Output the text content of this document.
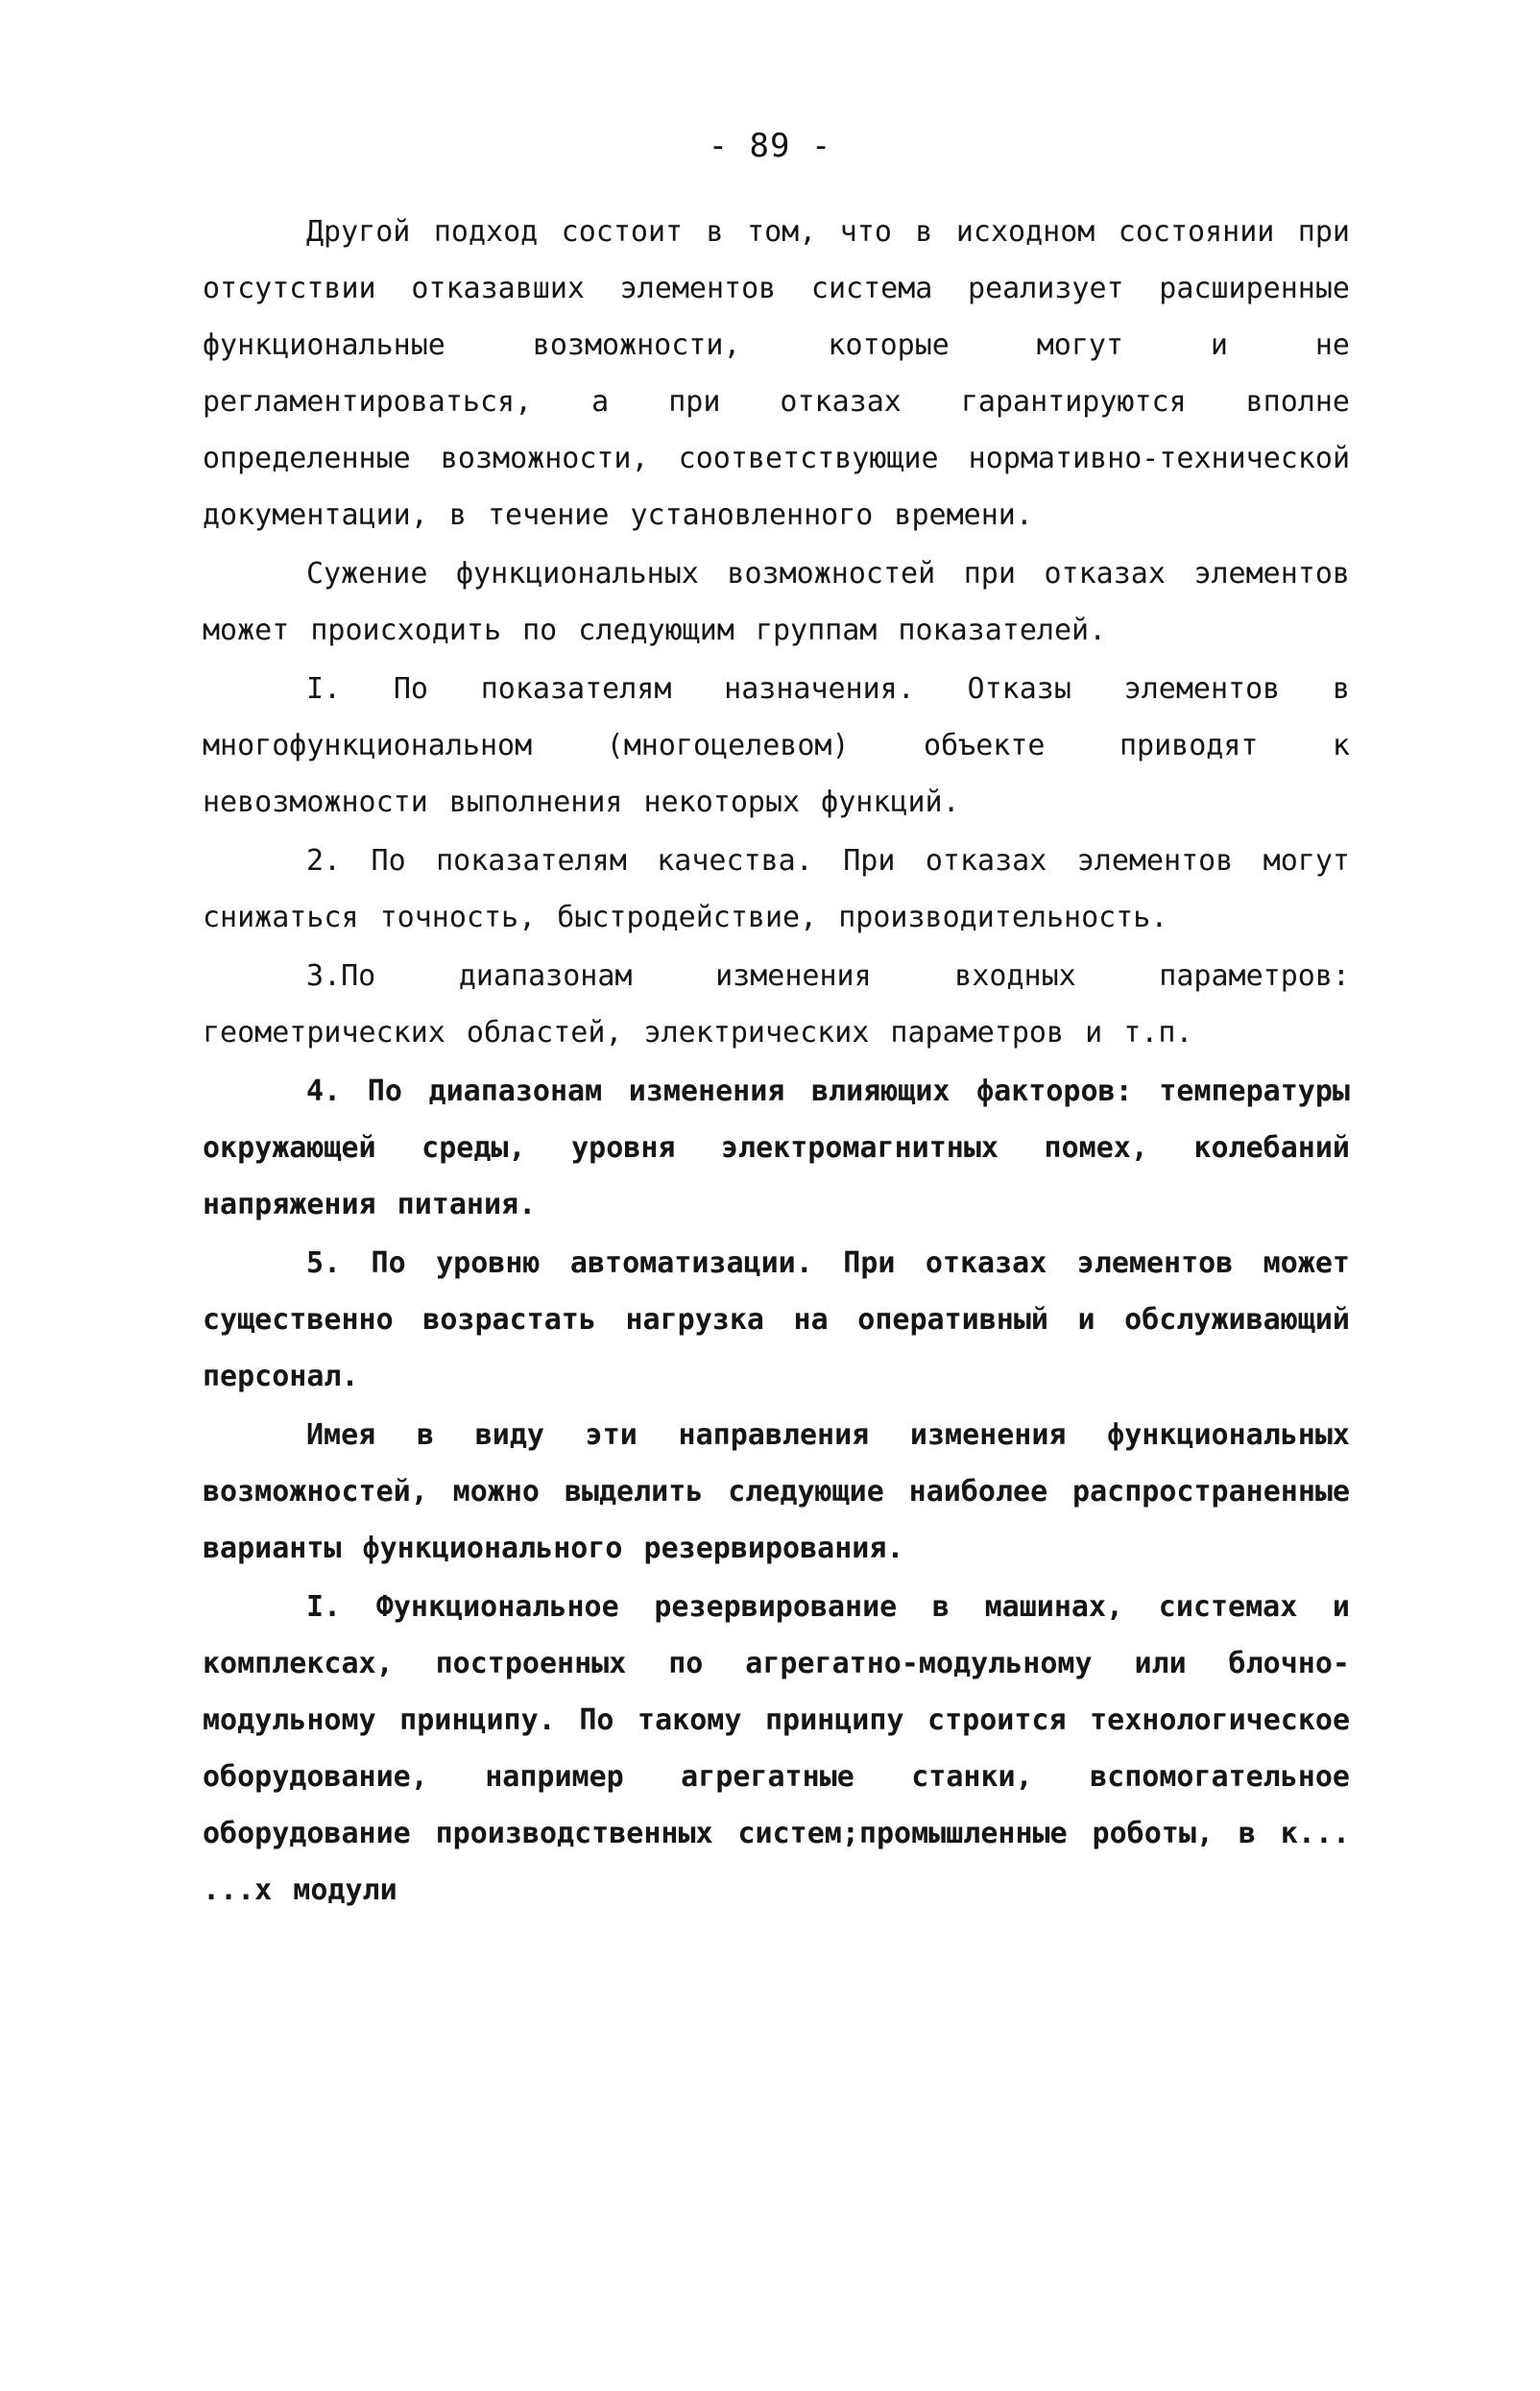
- 89 -

Другой подход состоит в том, что в исходном состоянии при отсутствии отказавших элементов система реализует расширенные функциональные возможности, которые могут и не регламентироваться, а при отказах гарантируются вполне определенные возможности, соответствующие нормативно-технической документации, в течение установленного времени.

Сужение функциональных возможностей при отказах элементов может происходить по следующим группам показателей.

I. По показателям назначения. Отказы элементов в многофункциональном (многоцелевом) объекте приводят к невозможности выполнения некоторых функций.

2. По показателям качества. При отказах элементов могут снижаться точность, быстродействие, производительность.

3.По диапазонам изменения входных параметров: геометрических областей, электрических параметров и т.п.

4. По диапазонам изменения влияющих факторов: температуры окружающей среды, уровня электромагнитных помех, колебаний напряжения питания.

5. По уровню автоматизации. При отказах элементов может существенно возрастать нагрузка на оперативный и обслуживающий персонал.

Имея в виду эти направления изменения функциональных возможностей, можно выделить следующие наиболее распространенные варианты функционального резервирования.

I. Функциональное резервирование в машинах, системах и комплексах, построенных по агрегатно-модульному или блочно-модульному принципу. По такому принципу строится технологическое оборудование, например агрегатные станки, вспомогательное оборудование производственных систем;промышленные роботы, в к... ...х модули
